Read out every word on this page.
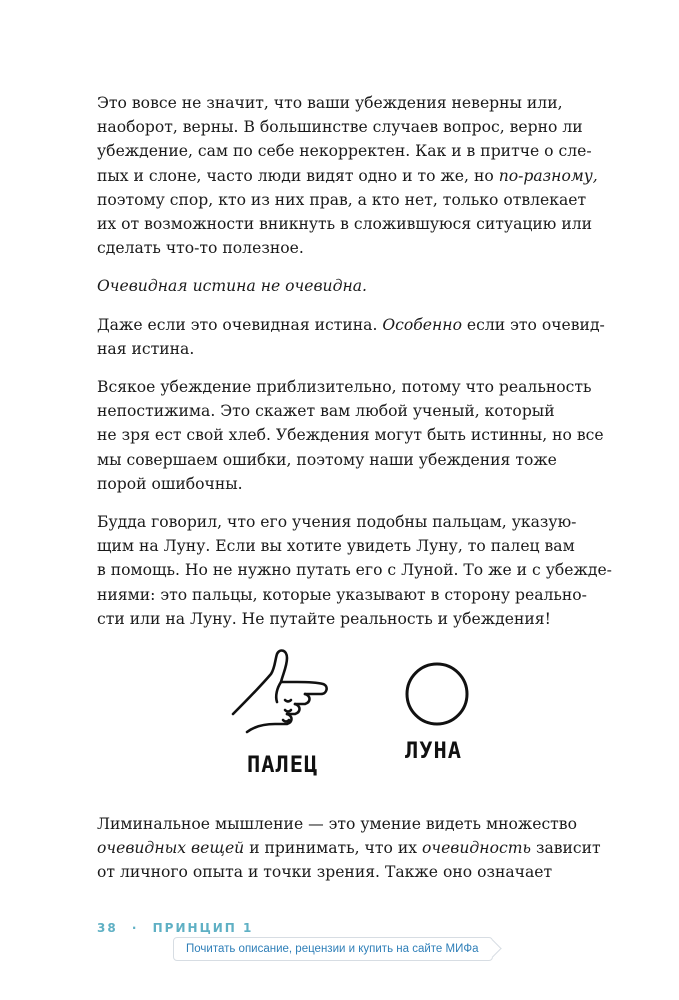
Это вовсе не значит, что ваши убеждения неверны или,
наоборот, верны. В большинстве случаев вопрос, верно ли
убеждение, сам по себе некорректен. Как и в притче о сле-
пых и слоне, часто люди видят одно и то же, но по-разному,
поэтому спор, кто из них прав, а кто нет, только отвлекает
их от возможности вникнуть в сложившуюся ситуацию или
сделать что-то полезное.

Очевидная истина не очевидна.

Даже если это очевидная истина. Особенно если это очевид-
ная истина.

Всякое убеждение приблизительно, потому что реальность
непостижима. Это скажет вам любой ученый, который
не зря ест свой хлеб. Убеждения могут быть истинны, но все
мы совершаем ошибки, поэтому наши убеждения тоже
порой ошибочны.

Будда говорил, что его учения подобны пальцам, указую-
щим на Луну. Если вы хотите увидеть Луну, то палец вам
в помощь. Но не нужно путать его с Луной. То же и с убежде-
ниями: это пальцы, которые указывают в сторону реально-
сти или на Луну. Не путайте реальность и убеждения!

ПАЛЕЦ
ЛУНА
Лиминальное мышление — это умение видеть множество
очевидных вещей и принимать, что их очевидность зависит
от личного опыта и точки зрения. Также оно означает
38 · ПРИНЦИП 1
Почитать описание, рецензии и купить на сайте МИФа
